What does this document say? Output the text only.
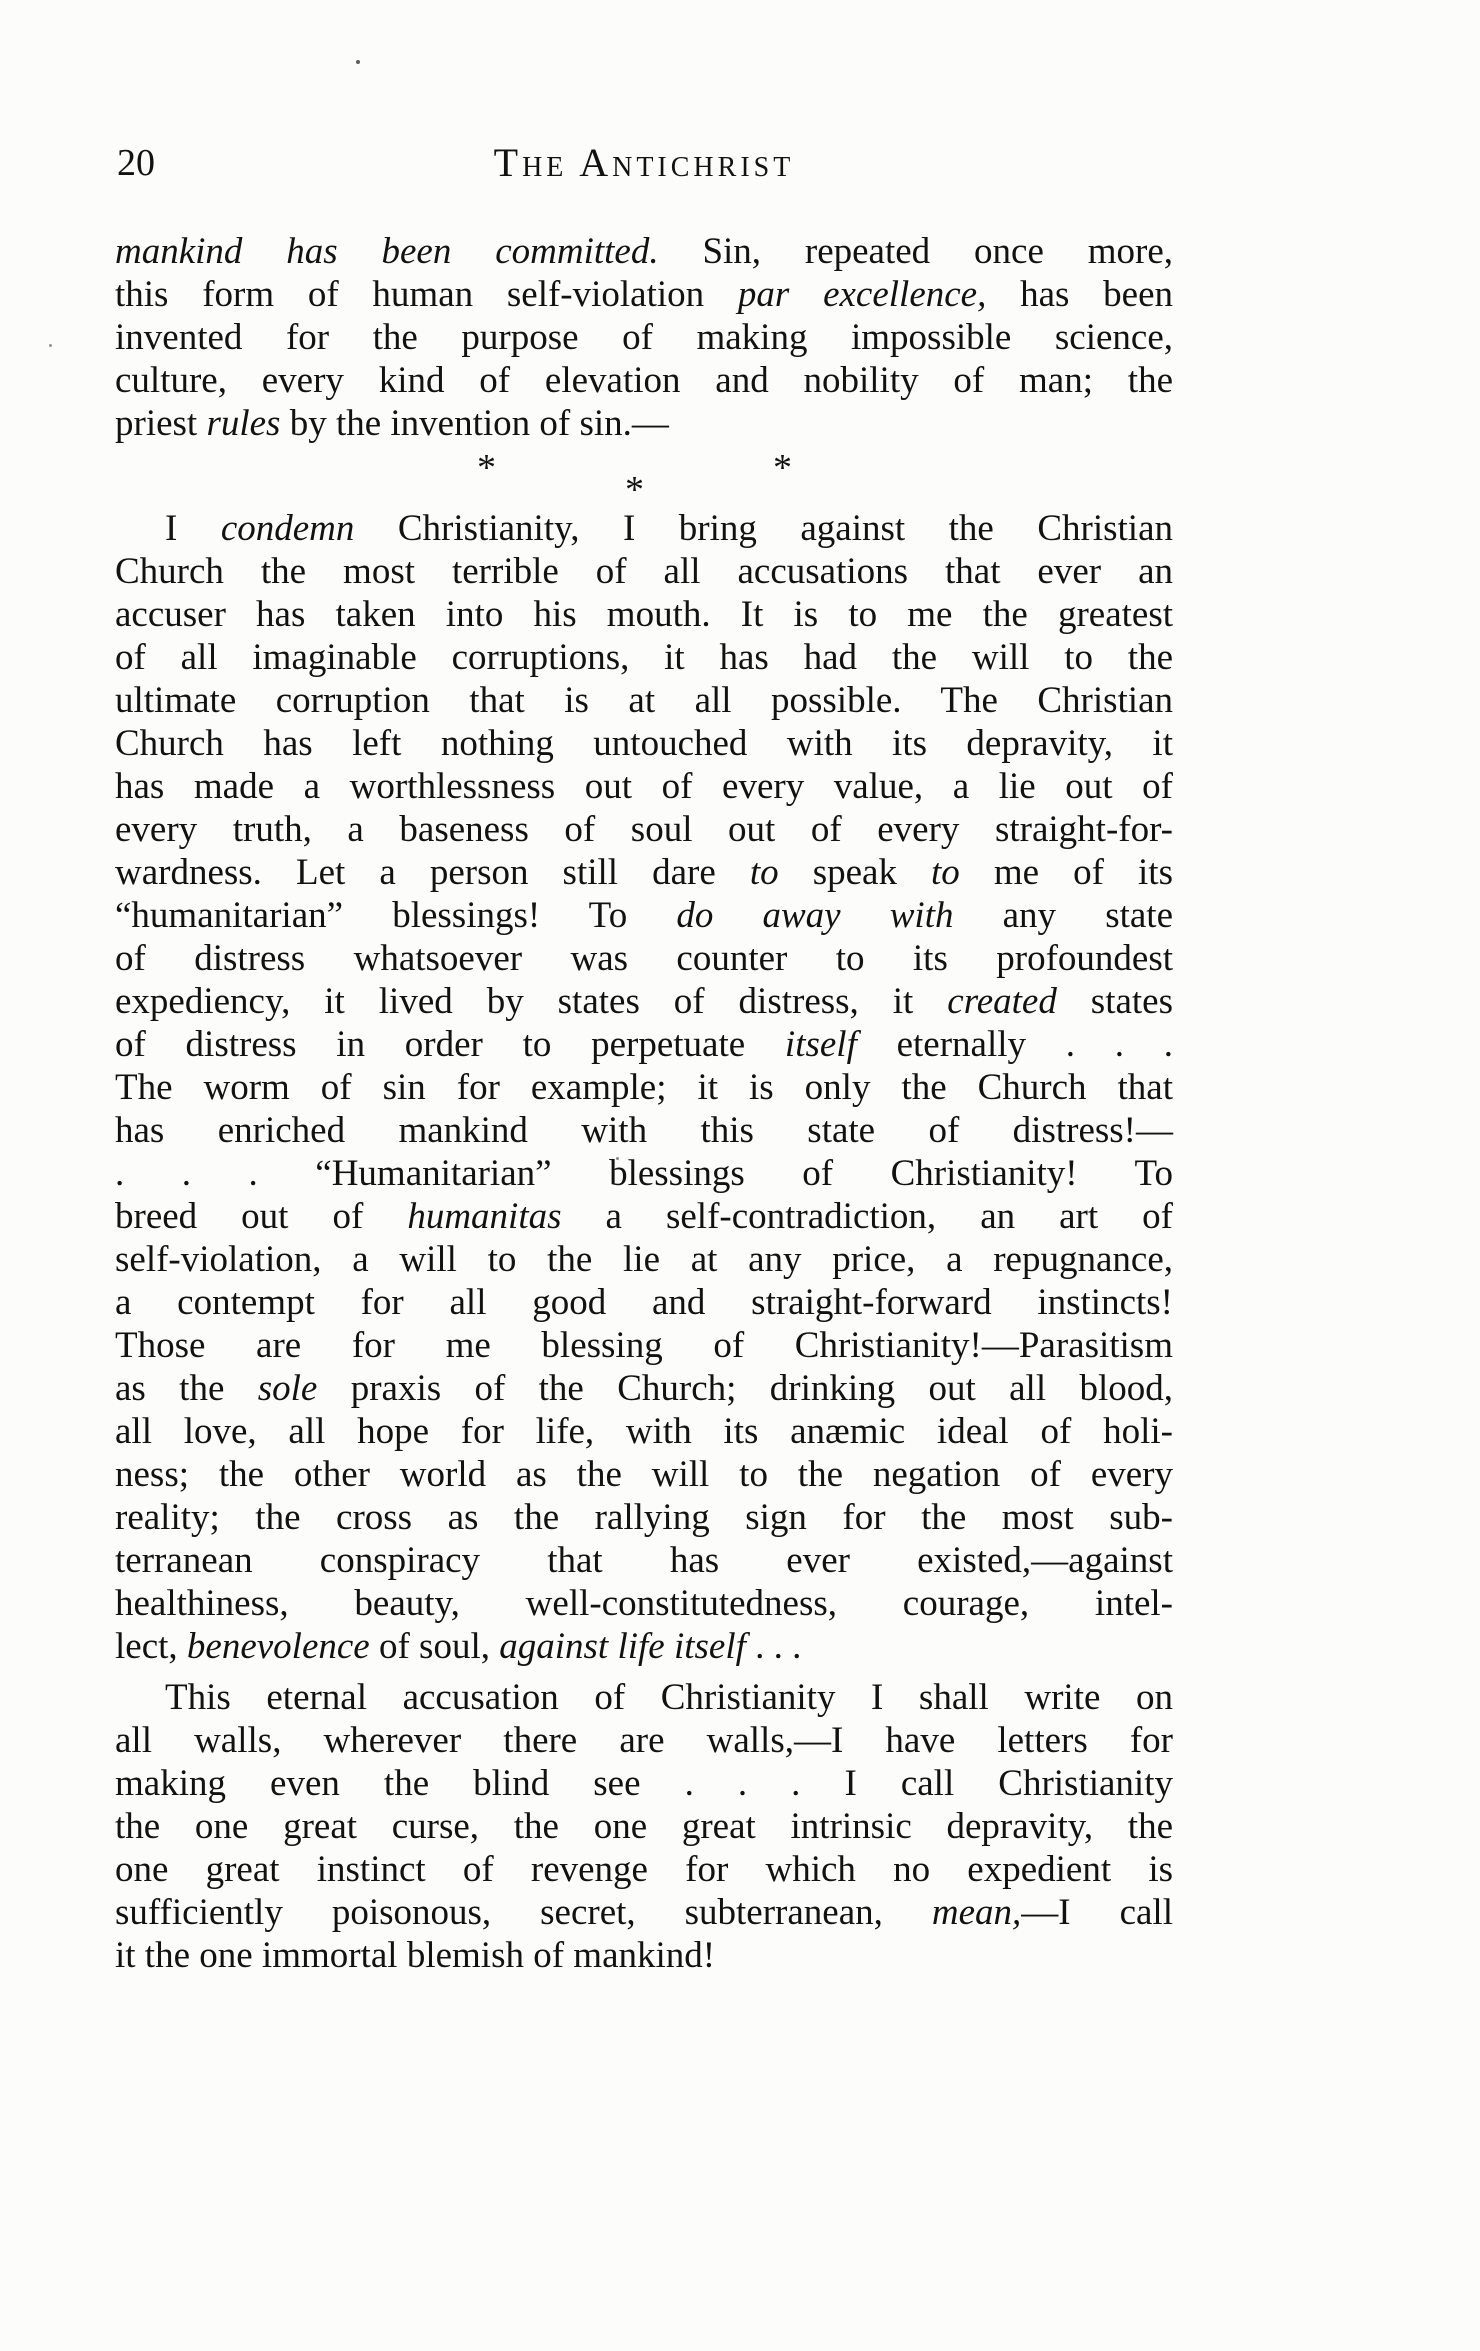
20	The Antichrist
mankind has been committed. Sin, repeated once more,
this form of human self-violation par excellence, has been
invented for the purpose of making impossible science,
culture, every kind of elevation and nobility of man; the
priest rules by the invention of sin.—
*
*
*
I condemn Christianity, I bring against the Christian
Church the most terrible of all accusations that ever an
accuser has taken into his mouth. It is to me the greatest
of all imaginable corruptions, it has had the will to the
ultimate corruption that is at all possible. The Christian
Church has left nothing untouched with its depravity, it
has made a worthlessness out of every value, a lie out of
every truth, a baseness of soul out of every straight-for-
wardness. Let a person still dare to speak to me of its
“humanitarian” blessings! To do away with any state
of distress whatsoever was counter to its profoundest
expediency, it lived by states of distress, it created states
of distress in order to perpetuate itself eternally . . .
The worm of sin for example; it is only the Church that
has enriched mankind with this state of distress!—
. . . “Humanitarian” blessings of Christianity! To
breed out of humanitas a self-contradiction, an art of
self-violation, a will to the lie at any price, a repugnance,
a contempt for all good and straight-forward instincts!
Those are for me blessing of Christianity!—Parasitism
as the sole praxis of the Church; drinking out all blood,
all love, all hope for life, with its anæmic ideal of holi-
ness; the other world as the will to the negation of every
reality; the cross as the rallying sign for the most sub-
terranean conspiracy that has ever existed,—against
healthiness, beauty, well-constitutedness, courage, intel-
lect, benevolence of soul, against life itself . . .
This eternal accusation of Christianity I shall write on
all walls, wherever there are walls,—I have letters for
making even the blind see . . . I call Christianity
the one great curse, the one great intrinsic depravity, the
one great instinct of revenge for which no expedient is
sufficiently poisonous, secret, subterranean, mean,—I call
it the one immortal blemish of mankind!
